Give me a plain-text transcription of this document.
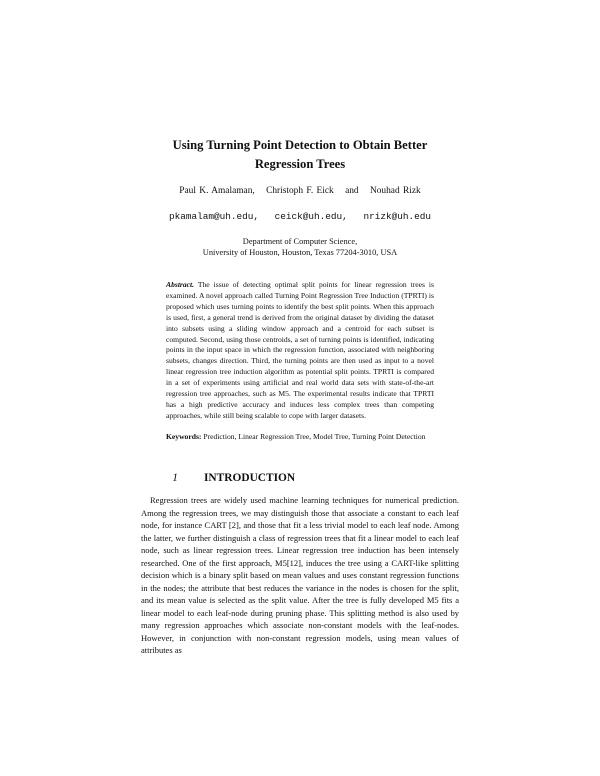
Using Turning Point Detection to Obtain Better
Regression Trees
Paul K. Amalaman, Christoph F. Eick and Nouhad Rizk
pkamalam@uh.edu, ceick@uh.edu, nrizk@uh.edu
Department of Computer Science,
University of Houston, Houston, Texas 77204-3010, USA

Abstract. The issue of detecting optimal split points for linear regression trees is examined. A novel approach called Turning Point Regression Tree Induction (TPRTI) is proposed which uses turning points to identify the best split points. When this approach is used, first, a general trend is derived from the original dataset by dividing the dataset into subsets using a sliding window approach and a centroid for each subset is computed. Second, using those centroids, a set of turning points is identified, indicating points in the input space in which the regression function, associated with neighboring subsets, changes direction. Third, the turning points are then used as input to a novel linear regression tree induction algorithm as potential split points. TPRTI is compared in a set of experiments using artificial and real world data sets with state-of-the-art regression tree approaches, such as M5. The experimental results indicate that TPRTI has a high predictive accuracy and induces less complex trees than competing approaches, while still being scalable to cope with larger datasets.

Keywords: Prediction, Linear Regression Tree, Model Tree, Turning Point Detection

1 INTRODUCTION

Regression trees are widely used machine learning techniques for numerical prediction. Among the regression trees, we may distinguish those that associate a constant to each leaf node, for instance CART [2], and those that fit a less trivial model to each leaf node. Among the latter, we further distinguish a class of regression trees that fit a linear model to each leaf node, such as linear regression trees. Linear regression tree induction has been intensely researched. One of the first approach, M5[12], induces the tree using a CART-like splitting decision which is a binary split based on mean values and uses constant regression functions in the nodes; the attribute that best reduces the variance in the nodes is chosen for the split, and its mean value is selected as the split value. After the tree is fully developed M5 fits a linear model to each leaf-node during pruning phase. This splitting method is also used by many regression approaches which associate non-constant models with the leaf-nodes. However, in conjunction with non-constant regression models, using mean values of attributes as
